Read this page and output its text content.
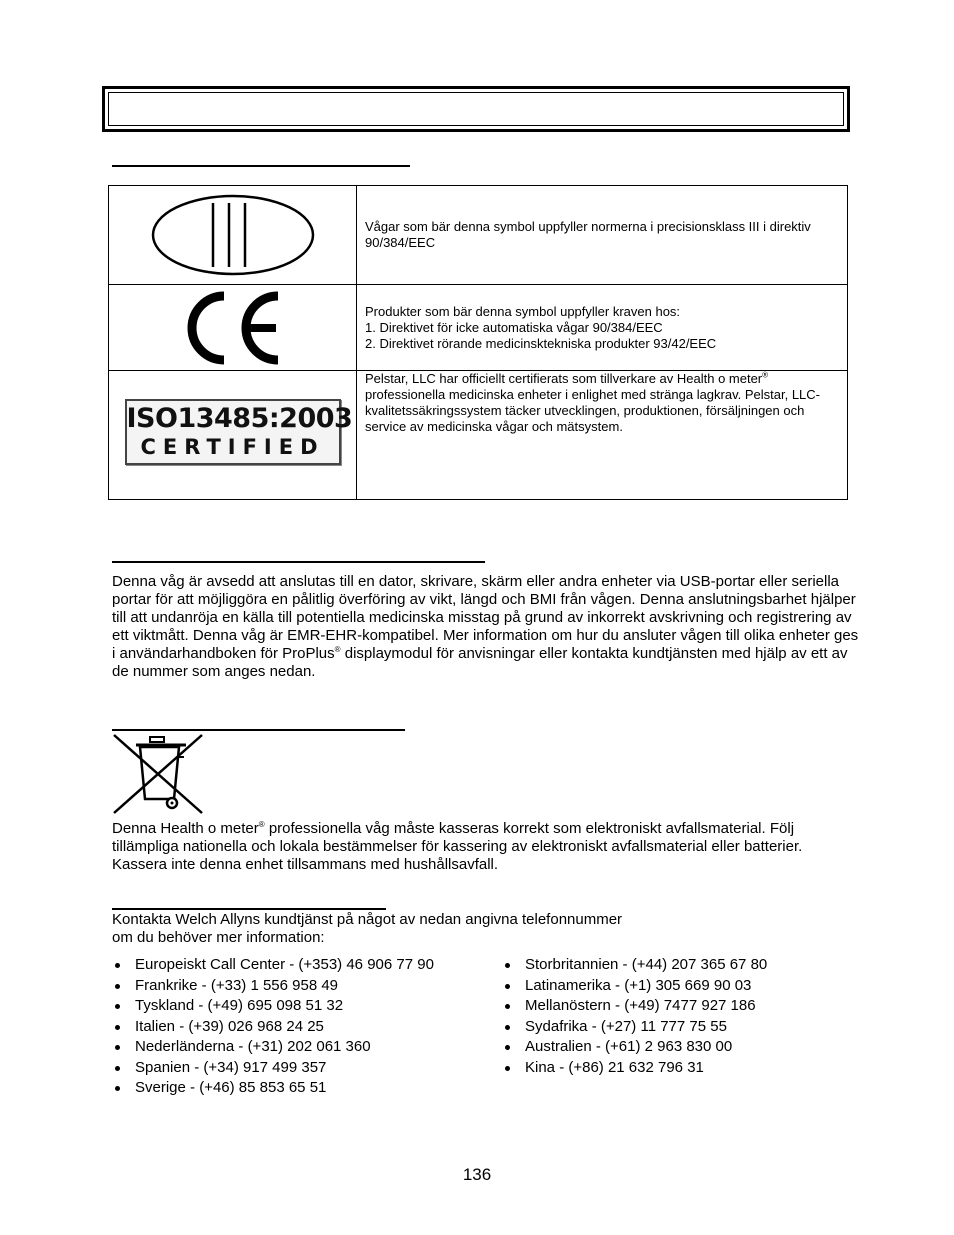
Vågar som bär denna symbol uppfyller normerna i precisionsklass III i direktiv 90/384/EEC

Produkter som bär denna symbol uppfyller kraven hos:
1. Direktivet för icke automatiska vågar 90/384/EEC
2. Direktivet rörande medicinsktekniska produkter 93/42/EEC

ISO13485:2003
CERTIFIED	Pelstar, LLC har officiellt certifierats som tillverkare av Health o meter® professionella medicinska enheter i enlighet med stränga lagkrav. Pelstar, LLC-kvalitetssäkringssystem täcker utvecklingen, produktionen, försäljningen och service av medicinska vågar och mätsystem.

Denna våg är avsedd att anslutas till en dator, skrivare, skärm eller andra enheter via USB-portar eller seriella portar för att möjliggöra en pålitlig överföring av vikt, längd och BMI från vågen. Denna anslutningsbarhet hjälper till att undanröja en källa till potentiella medicinska misstag på grund av inkorrekt avskrivning och registrering av ett viktmått. Denna våg är EMR-EHR-kompatibel. Mer information om hur du ansluter vågen till olika enheter ges i användarhandboken för ProPlus® displaymodul för anvisningar eller kontakta kundtjänsten med hjälp av ett av de nummer som anges nedan.

Denna Health o meter® professionella våg måste kasseras korrekt som elektroniskt avfallsmaterial. Följ tillämpliga nationella och lokala bestämmelser för kassering av elektroniskt avfallsmaterial eller batterier. Kassera inte denna enhet tillsammans med hushållsavfall.

Kontakta Welch Allyns kundtjänst på något av nedan angivna telefonnummer
om du behöver mer information:

Europeiskt Call Center - (+353) 46 906 77 90
Frankrike - (+33) 1 556 958 49
Tyskland - (+49) 695 098 51 32
Italien - (+39) 026 968 24 25
Nederländerna - (+31) 202 061 360
Spanien - (+34) 917 499 357
Sverige - (+46) 85 853 65 51
Storbritannien - (+44) 207 365 67 80
Latinamerika - (+1) 305 669 90 03
Mellanöstern - (+49) 7477 927 186
Sydafrika - (+27) 11 777 75 55
Australien - (+61) 2 963 830 00
Kina - (+86) 21 632 796 31
136
